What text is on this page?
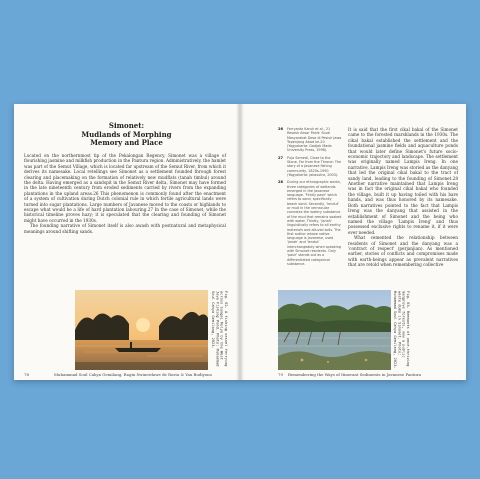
Simonet:
Mudlands of Morphing
Memory and Place

Located on the northernmost tip of the Pekalongan Regency, Simonet was a village of flourishing jasmine and milkfish production in the Pantura region. Administratively, the hamlet was part of the Semut Village, which is located far upstream of the Semut River, from which it derives its namesake. Local retellings see Simonet as a settlement founded through forest clearing and placemaking on the formation of relatively new mudflats (tanah timbul) around the delta. Having emerged as a sandspit in the Semut River delta, Simonet may have formed in the late nineteenth century from eroded sediments carried by rivers from the expanding plantations in the upland areas.26 This phenomenon is commonly found after the enactment of a system of cultivation during Dutch colonial rule in which fertile agricultural lands were turned into sugar plantations. Large numbers of Javanese moved to the coasts or highlands to escape what would be a life of hard plantation labouring.27 In the case of Simonet, while the historical timeline proves hazy; it is speculated that the clearing and founding of Simonet might have occurred in the 1930s.

The founding narrative of Simonet itself is also awash with postnatural and metaphysical meanings around shifting sands.

Fig. 02. A fishing vessel ferrying across Sungai Mulyo by the West Java Fishing Pond. Photo: Muhammad Soul Cahya Gemilang, 2023.
78	Muhammad Soul Cahya Gemilang, Ragin Swinerdawe de Rosta & Yan Budiyono
26	Ferryanto Karuk et al., 21 Resesh Aksar Pahit: Studi Masyarakat Desa di Pesisir Jawa Tepenjang Abad ke-20 (Yogyakarta: Gadjah Mada University Press, 1996).
27	Puja Semedi, Close to the Stone, Far from the Throne: The story of a Javanese fishing community, 1820s-1990 (Yogyakarta: Jakasutra, 2003).
28	During our ethnographic works, three categories of wetlands emerged in the Javanese language. 'Firstly pasir' which refers to sand, specifically beach sand. Secondly, 'lendut' or mud in the vernacular connotes the watery substance of the mud that remains soaked with water. Thirdly, 'janah' linguistically refers to all earthy materials and alluvial soils. The first author whose native language is Javanese, used 'janah' and 'lendut' interchangeably when speaking with Simonet residents. Only 'pasir' stands out as a differentiated categorical substance.

It is said that the first cikal bakal of the Simonet came to the forested marshlands in the 1930s. The cikal bakal established the settlement and the foundational jasmine fields and aquaculture ponds that would later define Simonet's future socio-economic trajectory and landscape. The settlement was originally named Lampis Ireng. In one narrative, Lampis Ireng was storied as the danyang that led the original cikal bakal to the tract of sandy land, leading to the founding of Simonet.28 Another narrative maintained that Lampis Ireng was in fact the original cikal bakal who founded the village, built it up having toiled with his bare hands, and was thus honored by its namesake. Both narratives pointed to the fact that Lampis Ireng was the danyang that assisted in the establishment of Simonet and the being who named the village 'Lampis Ireng' and thus possessed exclusive rights to rename it, if it were ever needed.

What cemented the relationship between residents of Simonet and the danyang was a 'contract of respect' (perjanjian). As mentioned earlier, stories of conflicts and compromises made with earth-beings appear as prevalent narratives that are retold when remembering collective

Fig. 03. Remnants of once-thriving mangrove forests, now a public waste dump in Simonet. Photo: Muhammad Soul Cahya Gemilang, 2023.
79 Remembering the Ways of Itinerant Sediments in Javanese Pantura
